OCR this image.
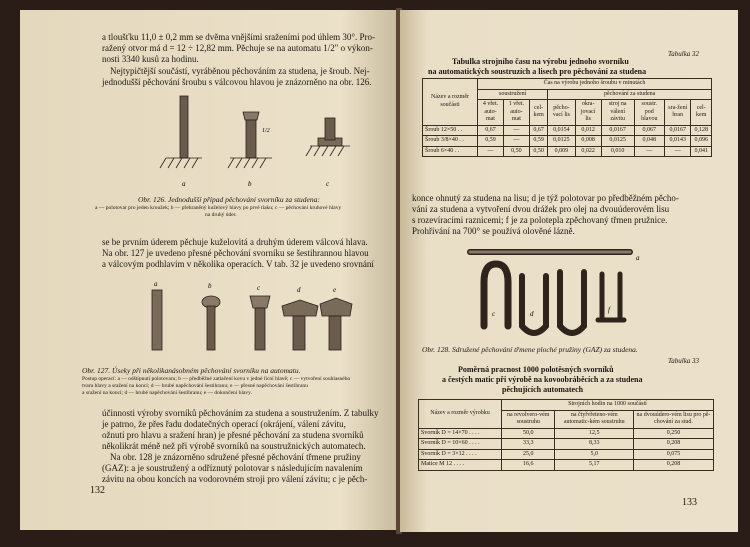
a tloušťku 11,0 ± 0,2 mm se dvěma vnějšími sraženími pod úhlem 30°. Pro-
ražený otvor má d = 12 ÷ 12,82 mm. Pěchuje se na automatu 1/2" o výkon-
nosti 3340 kusů za hodinu.
Nejtypičtější součástí, vyráběnou pěchováním za studena, je šroub. Nej-
jednodušší pěchování šroubu s válcovou hlavou je znázorněno na obr. 126.
1/2
a	b	c
Obr. 126. Jednodušší případ pěchování svorníku za studena:
a — polotovar pro jeden kroužek; b — přehraněný kuželový hlavy po prvé tlaku; c — pěchování kruhové hlavy
na druhý úder.
se be prvním úderem pěchuje kuželovitá a druhým úderem válcová hlava.
Na obr. 127 je uvedeno přesné pěchování svorníku se šestihrannou hlavou
a válcovým podhlavím v několika operacích. V tab. 32 je uvedeno srovnání
a	b	c	d	e
Obr. 127. Úseky při několikanásobném pěchování svorníku na automatu.
Postup operací: a — odštípnutí polotovaru; b — předběžné zatlačení kovu v jedné lícní hlavě; c — vytvoření souhlasného
tvaru hlavy a sražení na konci; d — hrubé napěchování šestihranu; e — přesné napěchování šestihranu
a sražení na konci; d — hrubé napěchování šestihranu; e — dokončení hlavy.
účinnosti výroby svorníků pěchováním za studena a soustružením. Z tabulky
je patrno, že přes řadu dodatečných operací (okrájení, válení závitu,
ožnutí pro hlavu a sražení hran) je přesné pěchování za studena svorníků
několikrát méně než při výrobě svorníků na soustružnických automatech.
Na obr. 128 je znázorněno sdružené přesné pěchování třmene pružiny
(GAZ): a je soustružený a odříznutý polotovar s následujícím navalením
závitu na obou koncích na vodorovném stroji pro válení závitu; c je pěch-
132
Tabulka 32
Tabulka strojního času na výrobu jednoho svorníku
na automatických soustruzích a lisech pro pěchování za studena
Název a rozměr součásti	Čas na výrobu jednoho šroubu v minutách								
	soustružení			pěchování za studena					
	4 vřet. auto-mat	1 vřet. auto-mat	cel-kem	pěcho-vací lis	okra-jovací lis	stroj na válení závitu	soustr. pod hlavou	sra-žení hran	cel-kem
Šroub 12×50 . .	0,67	—	0,67	0,0154	0,012	0,0167	0,067	0,0167	0,128
Šroub 3/8×40 . .	0,59	—	0,59	0,0125	0,008	0,0125	0,048	0,0143	0,096
Šroub 6×40 . .	—	0,50	0,50	0,009	0,022	0,010	—	—	0,041
konce ohnutý za studena na lisu; d je týž polotovar po předběžném pěcho-
vání za studena a vytvoření dvou drážek pro olej na dvouúderovém lisu
s rozevíracími raznicemi; f je za polotepla zpěchovaný třmen pružnice.
Prohřívání na 700° se používá olověné lázně.
a
c	d	f
Obr. 128. Sdružené pěchování třmene ploché pružiny (GAZ) za studena.
Tabulka 33
Poměrná pracnost 1000 polotěsných svorníků
a čestých matic při výrobě na kovoobráběcích a za studena
pěchujících automatech
Název a rozměr výrobku	Strojních hodin na 1000 součástí		
	na revolvero-vém soustruhu	na čtyřvřeteno-vém automatic-kém soustruhu	na dvouúdero-vém lisu pro pě-chování za stud.
Svorník D = 14×70 . . . .	50,0	12,5	0,250
Svorník D = 10×60 . . . .	33,3	8,33	0,208
Svorník D = 3×12 . . . .	25,0	5,0	0,075
Matice M 12 . . . .	16,6	5,17	0,208
133
